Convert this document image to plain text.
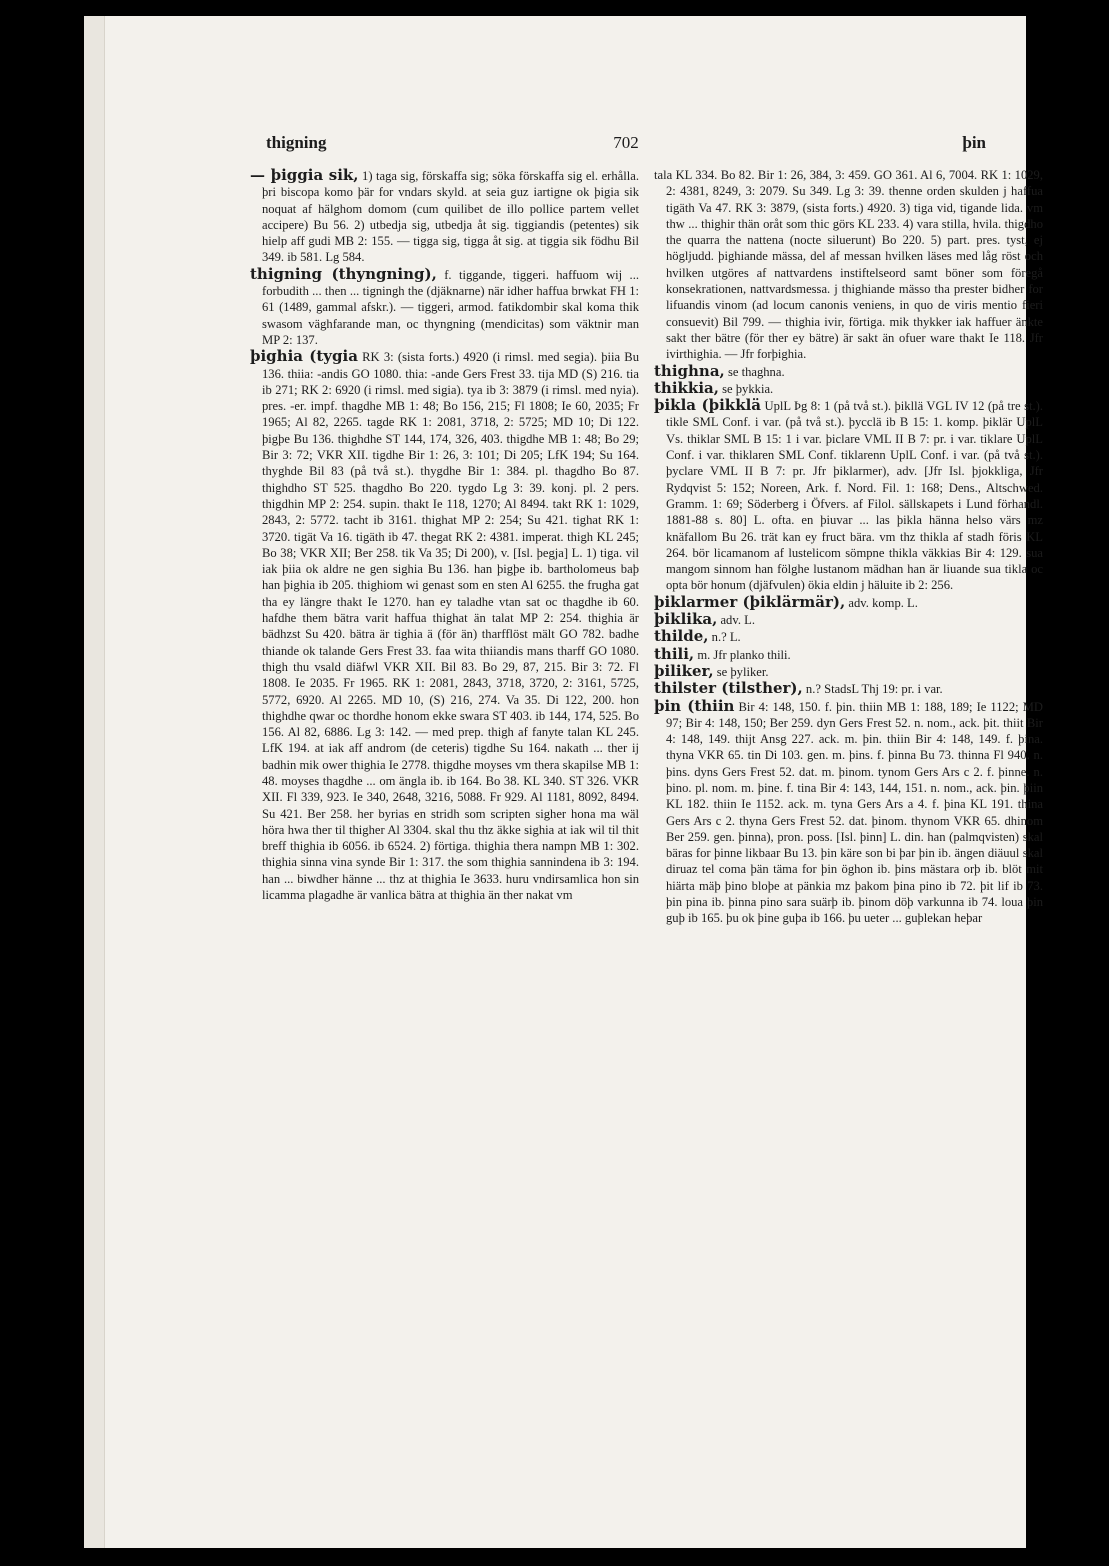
thigning	702	þin

— þiggia sik, 1) taga sig, förskaffa sig; söka förskaffa sig el. erhålla. þri biscopa komo þär for vndars skyld. at seia guz iartigne ok þigia sik noquat af hälghom domom (cum quilibet de illo pollice partem vellet accipere) Bu 56. 2) utbedja sig, utbedja åt sig. tiggiandis (petentes) sik hielp aff gudi MB 2: 155. — tigga sig, tigga åt sig. at tiggia sik födhu Bil 349. ib 581. Lg 584.

thigning (thyngning), f. tiggande, tiggeri. haffuom wij ... forbudith ... then ... tigningh the (djäknarne) när idher haffua brwkat FH 1: 61 (1489, gammal afskr.). — tiggeri, armod. fatikdombir skal koma thik swasom väghfarande man, oc thyngning (mendicitas) som väktnir man MP 2: 137.

þighia (tygia RK 3: (sista forts.) 4920 (i rimsl. med segia). þiia Bu 136. thiia: -andis GO 1080. thia: -ande Gers Frest 33. tija MD (S) 216. tia ib 271; RK 2: 6920 (i rimsl. med sigia). tya ib 3: 3879 (i rimsl. med nyia). pres. -er. impf. thagdhe MB 1: 48; Bo 156, 215; Fl 1808; Ie 60, 2035; Fr 1965; Al 82, 2265. tagde RK 1: 2081, 3718, 2: 5725; MD 10; Di 122. þigþe Bu 136. thighdhe ST 144, 174, 326, 403. thigdhe MB 1: 48; Bo 29; Bir 3: 72; VKR XII. tigdhe Bir 1: 26, 3: 101; Di 205; LfK 194; Su 164. thyghde Bil 83 (på två st.). thygdhe Bir 1: 384. pl. thagdho Bo 87. thighdho ST 525. thagdho Bo 220. tygdo Lg 3: 39. konj. pl. 2 pers. thigdhin MP 2: 254. supin. thakt Ie 118, 1270; Al 8494. takt RK 1: 1029, 2843, 2: 5772. tacht ib 3161. thighat MP 2: 254; Su 421. tighat RK 1: 3720. tigät Va 16. tigäth ib 47. thegat RK 2: 4381. imperat. thigh KL 245; Bo 38; VKR XII; Ber 258. tik Va 35; Di 200), v. [Isl. þegja] L. 1) tiga. vil iak þiia ok aldre ne gen sighia Bu 136. han þigþe ib. bartholomeus baþ han þighia ib 205. thighiom wi genast som en sten Al 6255. the frugha gat tha ey längre thakt Ie 1270. han ey taladhe vtan sat oc thagdhe ib 60. hafdhe them bätra varit haffua thighat än talat MP 2: 254. thighia är bädhzst Su 420. bätra är tighia ä (för än) tharfflöst mält GO 782. badhe thiande ok talande Gers Frest 33. faa wita thiiandis mans tharff GO 1080. thigh thu vsald diäfwl VKR XII. Bil 83. Bo 29, 87, 215. Bir 3: 72. Fl 1808. Ie 2035. Fr 1965. RK 1: 2081, 2843, 3718, 3720, 2: 3161, 5725, 5772, 6920. Al 2265. MD 10, (S) 216, 274. Va 35. Di 122, 200. hon thighdhe qwar oc thordhe honom ekke swara ST 403. ib 144, 174, 525. Bo 156. Al 82, 6886. Lg 3: 142. — med prep. thigh af fanyte talan KL 245. LfK 194. at iak aff androm (de ceteris) tigdhe Su 164. nakath ... ther ij badhin mik ower thighia Ie 2778. thigdhe moyses vm thera skapilse MB 1: 48. moyses thagdhe ... om ängla ib. ib 164. Bo 38. KL 340. ST 326. VKR XII. Fl 339, 923. Ie 340, 2648, 3216, 5088. Fr 929. Al 1181, 8092, 8494. Su 421. Ber 258. her byrias en stridh som scripten sigher hona ma wäl höra hwa ther til thigher Al 3304. skal thu thz äkke sighia at iak wil til thit breff thighia ib 6056. ib 6524. 2) förtiga. thighia thera nampn MB 1: 302. thighia sinna vina synde Bir 1: 317. the som thighia sannindena ib 3: 194. han ... biwdher hänne ... thz at thighia Ie 3633. huru vndirsamlica hon sin licamma plagadhe är vanlica bätra at thighia än ther nakat vm

tala KL 334. Bo 82. Bir 1: 26, 384, 3: 459. GO 361. Al 6, 7004. RK 1: 1029, 2: 4381, 8249, 3: 2079. Su 349. Lg 3: 39. thenne orden skulden j haffua tigäth Va 47. RK 3: 3879, (sista forts.) 4920. 3) tiga vid, tigande lida. vm thw ... thighir thän oråt som thic görs KL 233. 4) vara stilla, hvila. thigdho the quarra the nattena (nocte siluerunt) Bo 220. 5) part. pres. tyst, ej högljudd. þighiande mässa, del af messan hvilken läses med låg röst och hvilken utgöres af nattvardens instiftelseord samt böner som föregå konsekrationen, nattvardsmessa. j thighiande mässo tha prester bidher for lifuandis vinom (ad locum canonis veniens, in quo de viris mentio fieri consuevit) Bil 799. — thighia ivir, förtiga. mik thykker iak haffuer änkte sakt ther bätre (för ther ey bätre) är sakt än ofuer ware thakt Ie 118. Jfr ivirthighia. — Jfr forþighia.

thighna, se thaghna.

thikkia, se þykkia.

þikla (þikklä UplL Þg 8: 1 (på två st.). þikllä VGL IV 12 (på tre st.). tikle SML Conf. i var. (på två st.). þycclä ib B 15: 1. komp. þiklär UplL Vs. thiklar SML B 15: 1 i var. þiclare VML II B 7: pr. i var. tiklare UplL Conf. i var. thiklaren SML Conf. tiklarenn UplL Conf. i var. (på två st.). þyclare VML II B 7: pr. Jfr þiklarmer), adv. [Jfr Isl. þjokkliga, Jfr Rydqvist 5: 152; Noreen, Ark. f. Nord. Fil. 1: 168; Dens., Altschwed. Gramm. 1: 69; Söderberg i Öfvers. af Filol. sällskapets i Lund förhandl. 1881-88 s. 80] L. ofta. en þiuvar ... las þikla hänna helso värs mz knäfallom Bu 26. trät kan ey fruct bära. vm thz thikla af stadh föris KL 264. bör licamanom af lustelicom sömpne thikla väkkias Bir 4: 129. sua mangom sinnom han fölghe lustanom mädhan han är liuande sua tikla oc opta bör honum (djäfvulen) ökia eldin j häluite ib 2: 256.

þiklarmer (þiklärmär), adv. komp. L.

þiklika, adv. L.

thilde, n.? L.

thili, m. Jfr planko thili.

þiliker, se þyliker.

thilster (tilsther), n.? StadsL Thj 19: pr. i var.

þin (thiin Bir 4: 148, 150. f. þin. thiin MB 1: 188, 189; Ie 1122; MD 97; Bir 4: 148, 150; Ber 259. dyn Gers Frest 52. n. nom., ack. þit. thiit Bir 4: 148, 149. thijt Ansg 227. ack. m. þin. thiin Bir 4: 148, 149. f. þina. thyna VKR 65. tin Di 103. gen. m. þins. f. þinna Bu 73. thinna Fl 940. n. þins. dyns Gers Frest 52. dat. m. þinom. tynom Gers Ars c 2. f. þinne. n. þino. pl. nom. m. þine. f. tina Bir 4: 143, 144, 151. n. nom., ack. þin. þiin KL 182. thiin Ie 1152. ack. m. tyna Gers Ars a 4. f. þina KL 191. thina Gers Ars c 2. thyna Gers Frest 52. dat. þinom. thynom VKR 65. dhinom Ber 259. gen. þinna), pron. poss. [Isl. þinn] L. din. han (palmqvisten) skal bäras for þinne likbaar Bu 13. þin käre son bi þar þin ib. ängen diäuul skal diruaz tel coma þän täma for þin öghon ib. þins mästara orþ ib. blöt mit hiärta mäþ þino bloþe at pänkia mz þakom þina pino ib 72. þit lif ib 73. þin pina ib. þinna pino sara suärþ ib. þinom döþ varkunna ib 74. loua þin guþ ib 165. þu ok þine guþa ib 166. þu ueter ... guþlekan heþar
